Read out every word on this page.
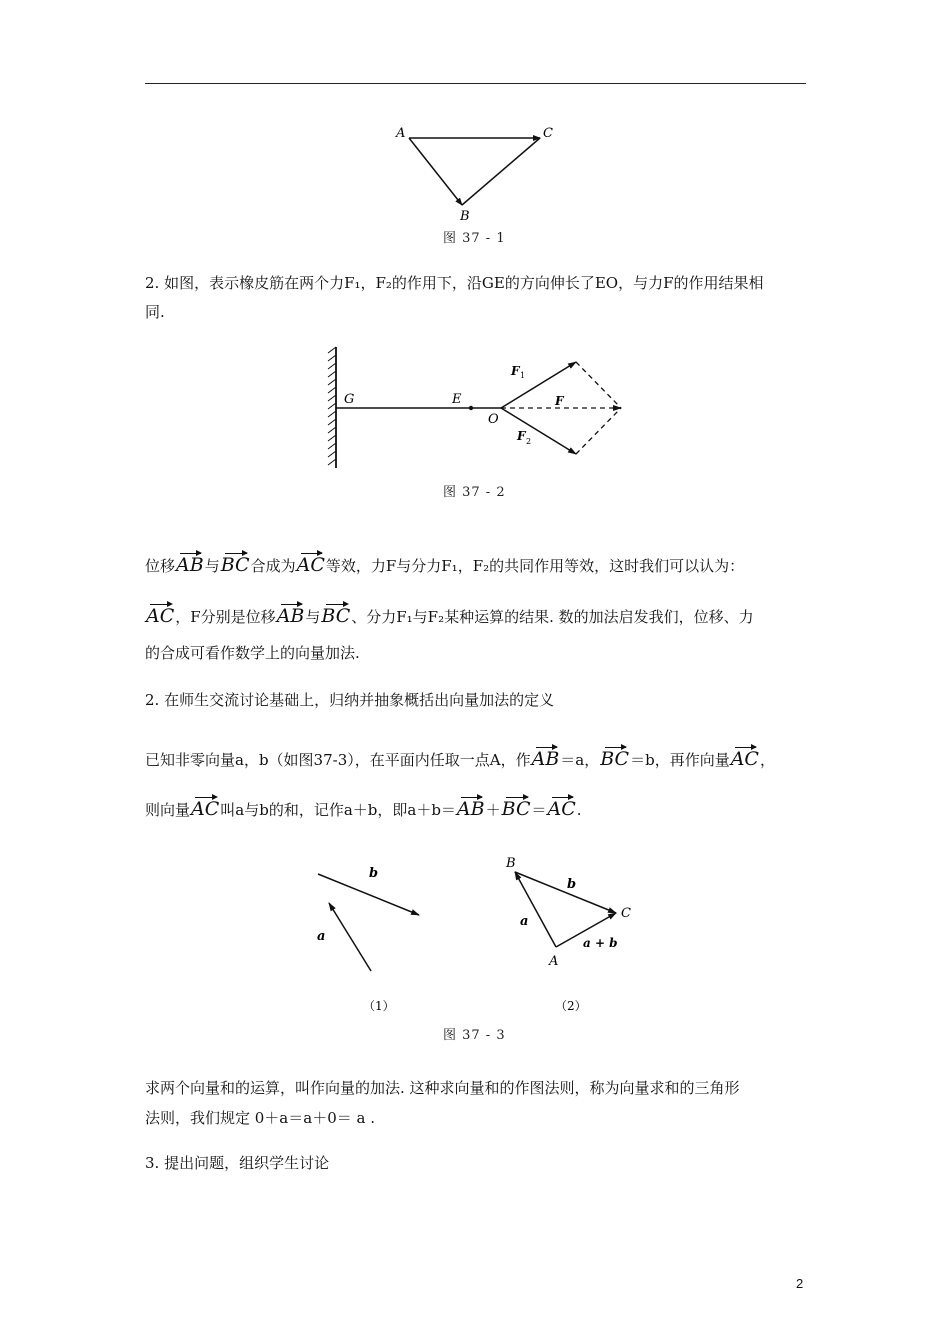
A	C
B
图 37 - 1
2. 如图，表示橡皮筋在两个力F₁，F₂的作用下，沿GE的方向伸长了EO，与力F的作用结果相
同.
G	E
O
F 1
F
F 2
图 37 - 2
位移AB与BC合成为AC等效，力F与分力F₁，F₂的共同作用等效，这时我们可以认为：
AC，F分别是位移AB与BC、分力F₁与F₂某种运算的结果. 数的加法启发我们，位移、力
的合成可看作数学上的向量加法.
2. 在师生交流讨论基础上，归纳并抽象概括出向量加法的定义
已知非零向量a，b（如图37-3），在平面内任取一点A，作AB＝a，BC＝b，再作向量AC，
则向量AC叫a与b的和，记作a＋b，即a＋b＝AB＋BC＝AC.
b
a
B
b
C
a
A
a + b
（1）	（2）
图 37 - 3
求两个向量和的运算，叫作向量的加法. 这种求向量和的作图法则，称为向量求和的三角形
法则，我们规定 0＋a＝a＋0＝ a .
3. 提出问题，组织学生讨论
2
